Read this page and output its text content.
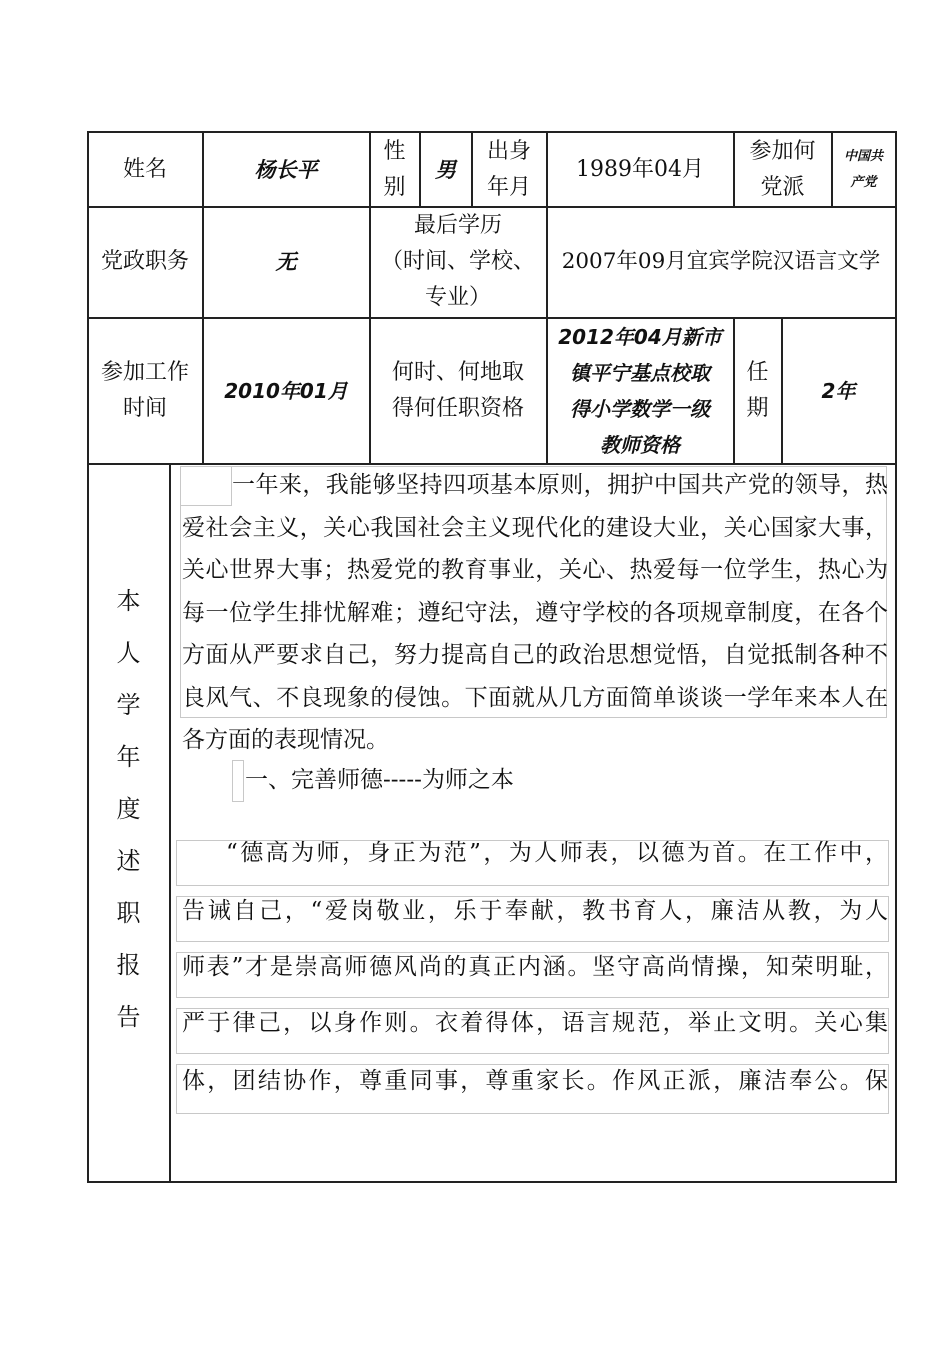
姓名	杨长平
性
别
男
出身
年月
1989年04月
参加何
党派
中国共
产党
党政职务	无
最后学历
（时间、学校、
专业）
2007年09月宜宾学院汉语言文学
参加工作
时间
2010年01月
何时、何地取
得何任职资格
2012年04月新市
镇平宁基点校取
得小学数学一级
教师资格
任
期
2年
本
人
学
年
度
述
职
报
告
一年来，我能够坚持四项基本原则，拥护中国共产党的领导，热爱社会主义，关心我国社会主义现代化的建设大业，关心国家大事，关心世界大事；热爱党的教育事业，关心、热爱每一位学生，热心为每一位学生排忧解难；遵纪守法，遵守学校的各项规章制度，在各个方面从严要求自己，努力提高自己的政治思想觉悟，自觉抵制各种不良风气、不良现象的侵蚀。下面就从几方面简单谈谈一学年来本人在各方面的表现情况。
一、完善师德-----为师之本
“德高为师，身正为范”，为人师表，以德为首。在工作中，
告诫自己，“爱岗敬业，乐于奉献，教书育人，廉洁从教，为人
师表”才是崇高师德风尚的真正内涵。坚守高尚情操，知荣明耻，
严于律己，以身作则。衣着得体，语言规范，举止文明。关心集
体，团结协作，尊重同事，尊重家长。作风正派，廉洁奉公。保
